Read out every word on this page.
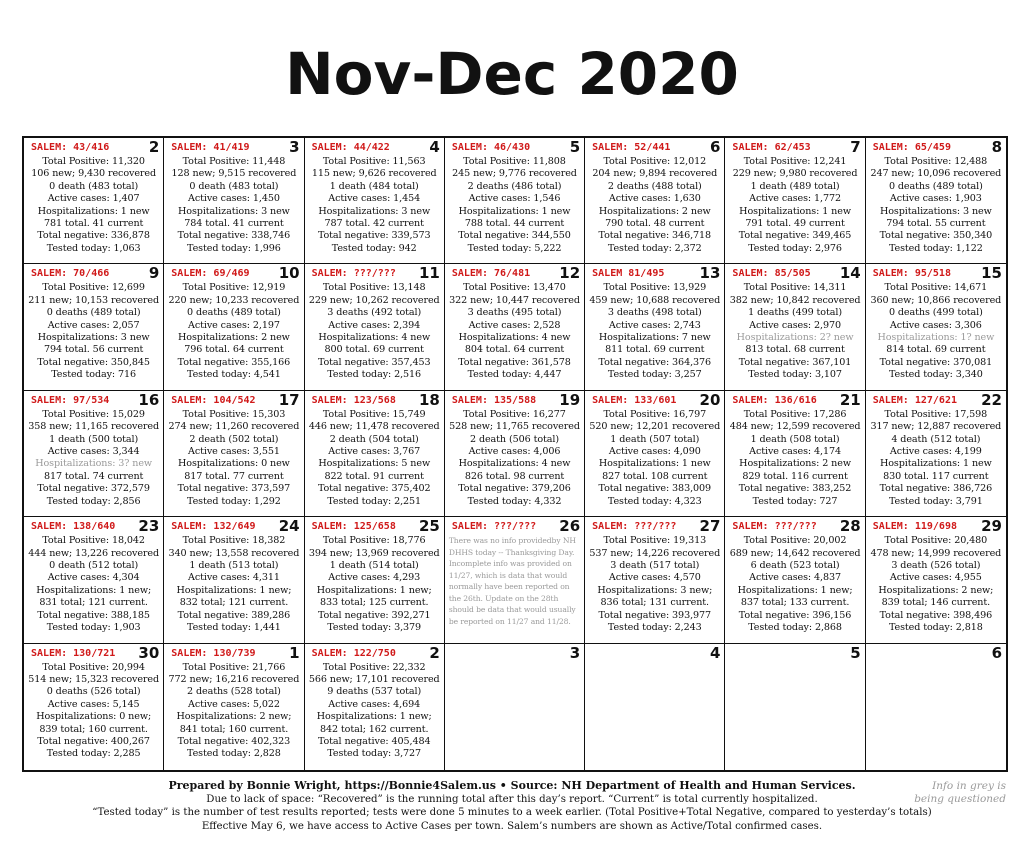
Nov-Dec 2020
SALEM: 43/416	2
Total Positive: 11,320
106 new; 9,430 recovered
0 death (483 total)
Active cases: 1,407
Hospitalizations: 1 new
781 total. 41 current
Total negative: 336,878
Tested today: 1,063
SALEM: 41/419	3
Total Positive: 11,448
128 new; 9,515 recovered
0 death (483 total)
Active cases: 1,450
Hospitalizations: 3 new
784 total. 41 current
Total negative: 338,746
Tested today: 1,996
SALEM: 44/422	4
Total Positive: 11,563
115 new; 9,626 recovered
1 death (484 total)
Active cases: 1,454
Hospitalizations: 3 new
787 total. 42 current
Total negative: 339,573
Tested today: 942
SALEM: 46/430	5
Total Positive: 11,808
245 new; 9,776 recovered
2 deaths (486 total)
Active cases: 1,546
Hospitalizations: 1 new
788 total. 44 current
Total negative: 344,550
Tested today: 5,222
SALEM: 52/441	6
Total Positive: 12,012
204 new; 9,894 recovered
2 deaths (488 total)
Active cases: 1,630
Hospitalizations: 2 new
790 total. 48 current
Total negative: 346,718
Tested today: 2,372
SALEM: 62/453	7
Total Positive: 12,241
229 new; 9,980 recovered
1 death (489 total)
Active cases: 1,772
Hospitalizations: 1 new
791 total. 49 current
Total negative: 349,465
Tested today: 2,976
SALEM: 65/459	8
Total Positive: 12,488
247 new; 10,096 recovered
0 deaths (489 total)
Active cases: 1,903
Hospitalizations: 3 new
794 total. 55 current
Total negative: 350,340
Tested today: 1,122
SALEM: 70/466	9
Total Positive: 12,699
211 new; 10,153 recovered
0 deaths (489 total)
Active cases: 2,057
Hospitalizations: 3 new
794 total. 56 current
Total negative: 350,845
Tested today: 716
SALEM: 69/469 10
Total Positive: 12,919
220 new; 10,233 recovered
0 deaths (489 total)
Active cases: 2,197
Hospitalizations: 2 new
796 total. 64 current
Total negative: 355,166
Tested today: 4,541
SALEM: ???/??? 11
Total Positive: 13,148
229 new; 10,262 recovered
3 deaths (492 total)
Active cases: 2,394
Hospitalizations: 4 new
800 total. 69 current
Total negative: 357,453
Tested today: 2,516
SALEM: 76/481 12
Total Positive: 13,470
322 new; 10,447 recovered
3 deaths (495 total)
Active cases: 2,528
Hospitalizations: 4 new
804 total. 64 current
Total negative: 361,578
Tested today: 4,447
SALEM 81/495 13
Total Positive: 13,929
459 new; 10,688 recovered
3 deaths (498 total)
Active cases: 2,743
Hospitalizations: 7 new
811 total. 69 current
Total negative: 364,376
Tested today: 3,257
SALEM: 85/505 14
Total Positive: 14,311
382 new; 10,842 recovered
1 deaths (499 total)
Active cases: 2,970
Hospitalizations: 2? new
813 total. 68 current
Total negative: 367,101
Tested today: 3,107
SALEM: 95/518 15
Total Positive: 14,671
360 new; 10,866 recovered
0 deaths (499 total)
Active cases: 3,306
Hospitalizations: 1? new
814 total. 69 current
Total negative: 370,081
Tested today: 3,340
SALEM: 97/534 16
Total Positive: 15,029
358 new; 11,165 recovered
1 death (500 total)
Active cases: 3,344
Hospitalizations: 3? new
817 total. 74 current
Total negative: 372,579
Tested today: 2,856
SALEM: 104/542 17
Total Positive: 15,303
274 new; 11,260 recovered
2 death (502 total)
Active cases: 3,551
Hospitalizations: 0 new
817 total. 77 current
Total negative: 373,597
Tested today: 1,292
SALEM: 123/568 18
Total Positive: 15,749
446 new; 11,478 recovered
2 death (504 total)
Active cases: 3,767
Hospitalizations: 5 new
822 total. 91 current
Total negative: 375,402
Tested today: 2,251
SALEM: 135/588 19
Total Positive: 16,277
528 new; 11,765 recovered
2 death (506 total)
Active cases: 4,006
Hospitalizations: 4 new
826 total. 98 current
Total negative: 379,206
Tested today: 4,332
SALEM: 133/601 20
Total Positive: 16,797
520 new; 12,201 recovered
1 death (507 total)
Active cases: 4,090
Hospitalizations: 1 new
827 total. 108 current
Total negative: 383,009
Tested today: 4,323
SALEM: 136/616 21
Total Positive: 17,286
484 new; 12,599 recovered
1 death (508 total)
Active cases: 4,174
Hospitalizations: 2 new
829 total. 116 current
Total negative: 383,252
Tested today: 727
SALEM: 127/621 22
Total Positive: 17,598
317 new; 12,887 recovered
4 death (512 total)
Active cases: 4,199
Hospitalizations: 1 new
830 total. 117 current
Total negative: 386,726
Tested today: 3,791
SALEM: 138/640 23
Total Positive: 18,042
444 new; 13,226 recovered
0 death (512 total)
Active cases: 4,304
Hospitalizations: 1 new;
831 total; 121 current.
Total negative: 388,185
Tested today: 1,903
SALEM: 132/649 24
Total Positive: 18,382
340 new; 13,558 recovered
1 death (513 total)
Active cases: 4,311
Hospitalizations: 1 new;
832 total; 121 current.
Total negative: 389,286
Tested today: 1,441
SALEM: 125/658 25
Total Positive: 18,776
394 new; 13,969 recovered
1 death (514 total)
Active cases: 4,293
Hospitalizations: 1 new;
833 total; 125 current.
Total negative: 392,271
Tested today: 3,379
SALEM: ???/??? 26
There was no info providedby NH
DHHS today -- Thanksgiving Day.
Incomplete info was provided on
11/27, which is data that would
normally have been reported on
the 26th. Update on the 28th
should be data that would usually
be reported on 11/27 and 11/28.
SALEM: ???/??? 27
Total Positive: 19,313
537 new; 14,226 recovered
3 death (517 total)
Active cases: 4,570
Hospitalizations: 3 new;
836 total; 131 current.
Total negative: 393,977
Tested today: 2,243
SALEM: ???/??? 28
Total Positive: 20,002
689 new; 14,642 recovered
6 death (523 total)
Active cases: 4,837
Hospitalizations: 1 new;
837 total; 133 current.
Total negative: 396,156
Tested today: 2,868
SALEM: 119/698 29
Total Positive: 20,480
478 new; 14,999 recovered
3 death (526 total)
Active cases: 4,955
Hospitalizations: 2 new;
839 total; 146 current.
Total negative: 398,496
Tested today: 2,818
SALEM: 130/721 30
Total Positive: 20,994
514 new; 15,323 recovered
0 deaths (526 total)
Active cases: 5,145
Hospitalizations: 0 new;
839 total; 160 current.
Total negative: 400,267
Tested today: 2,285
SALEM: 130/739 1
Total Positive: 21,766
772 new; 16,216 recovered
2 deaths (528 total)
Active cases: 5,022
Hospitalizations: 2 new;
841 total; 160 current.
Total negative: 402,323
Tested today: 2,828
SALEM: 122/750 2
Total Positive: 22,332
566 new; 17,101 recovered
9 deaths (537 total)
Active cases: 4,694
Hospitalizations: 1 new;
842 total; 162 current.
Total negative: 405,484
Tested today: 3,727
3	4	5	6
Prepared by Bonnie Wright, https://Bonnie4Salem.us • Source: NH Department of Health and Human Services.
Due to lack of space: “Recovered” is the running total after this day’s report. “Current” is total currently hospitalized.
“Tested today” is the number of test results reported; tests were done 5 minutes to a week earlier. (Total Positive+Total Negative, compared to yesterday’s totals)
Effective May 6, we have access to Active Cases per town. Salem’s numbers are shown as Active/Total confirmed cases.
Info in grey is
being questioned
